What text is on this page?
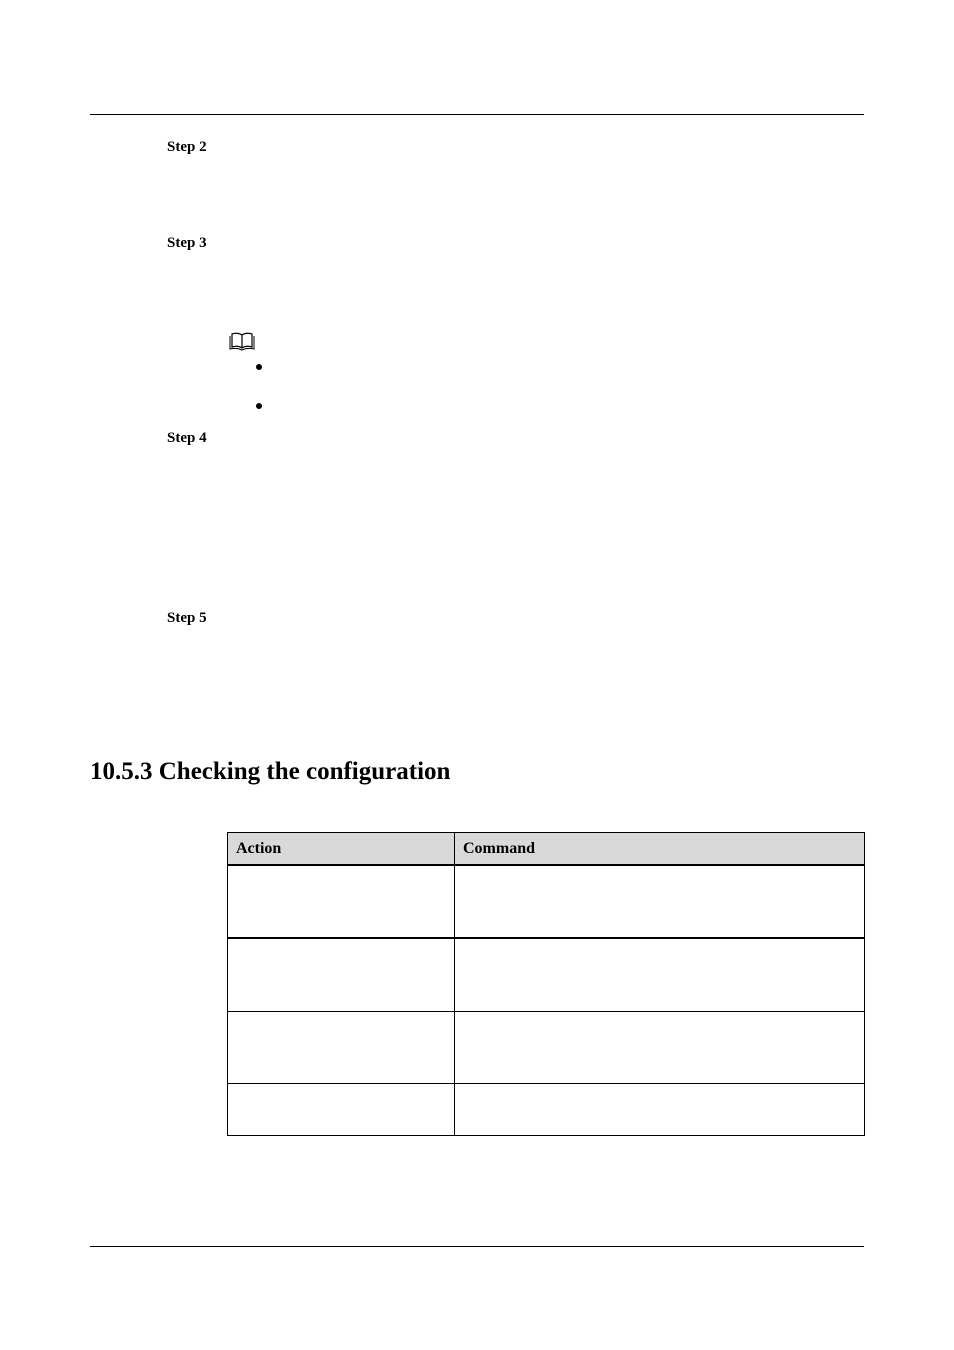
Step 2
Step 3
Step 4
Step 5
10.5.3 Checking the configuration
Action	Command
